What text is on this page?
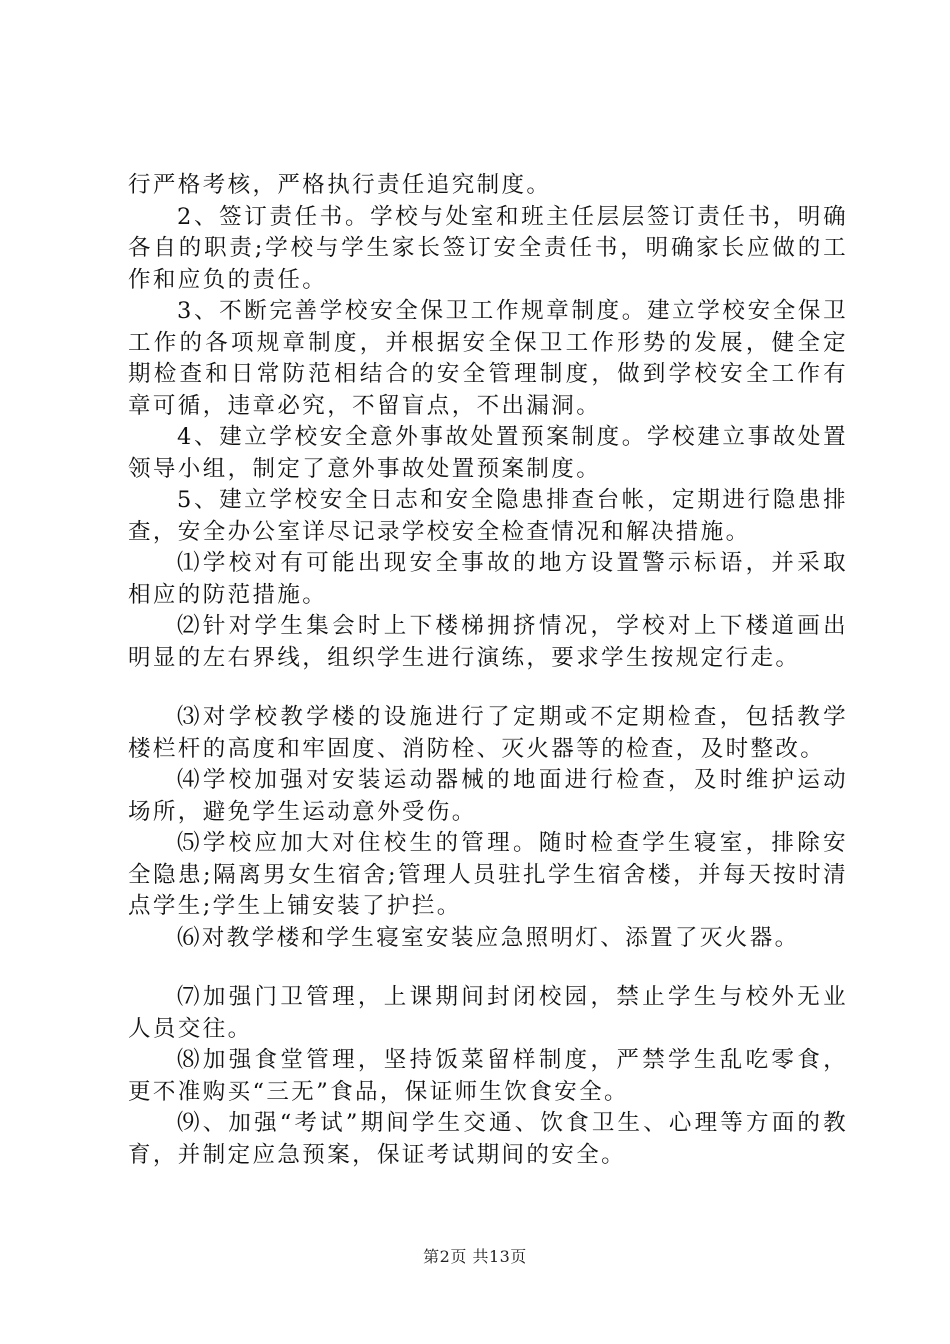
行严格考核，严格执行责任追究制度。

2、签订责任书。学校与处室和班主任层层签订责任书，明确各自的职责;学校与学生家长签订安全责任书，明确家长应做的工作和应负的责任。

3、不断完善学校安全保卫工作规章制度。建立学校安全保卫工作的各项规章制度，并根据安全保卫工作形势的发展，健全定期检查和日常防范相结合的安全管理制度，做到学校安全工作有章可循，违章必究，不留盲点，不出漏洞。

4、建立学校安全意外事故处置预案制度。学校建立事故处置领导小组，制定了意外事故处置预案制度。

5、建立学校安全日志和安全隐患排查台帐，定期进行隐患排查，安全办公室详尽记录学校安全检查情况和解决措施。

⑴学校对有可能出现安全事故的地方设置警示标语，并采取相应的防范措施。

⑵针对学生集会时上下楼梯拥挤情况，学校对上下楼道画出明显的左右界线，组织学生进行演练，要求学生按规定行走。

⑶对学校教学楼的设施进行了定期或不定期检查，包括教学楼栏杆的高度和牢固度、消防栓、灭火器等的检查，及时整改。

⑷学校加强对安装运动器械的地面进行检查，及时维护运动场所，避免学生运动意外受伤。

⑸学校应加大对住校生的管理。随时检查学生寝室，排除安全隐患;隔离男女生宿舍;管理人员驻扎学生宿舍楼，并每天按时清点学生;学生上铺安装了护拦。

⑹对教学楼和学生寝室安装应急照明灯、添置了灭火器。

⑺加强门卫管理，上课期间封闭校园，禁止学生与校外无业人员交往。

⑻加强食堂管理，坚持饭菜留样制度，严禁学生乱吃零食，更不准购买“三无”食品，保证师生饮食安全。

⑼、加强“考试”期间学生交通、饮食卫生、心理等方面的教育，并制定应急预案，保证考试期间的安全。

第2页 共13页
